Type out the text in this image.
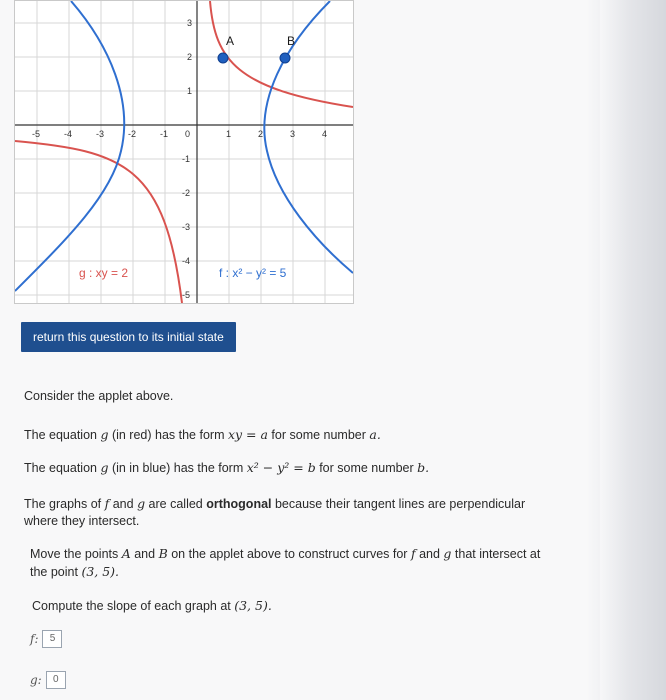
-5	-4	-3	-2	-1 0	1	2	3	4
3
2
1
-1
-2
-3
-4
-5
A	B
g : xy = 2	f : x² − y² = 5
return this question to its initial state
Consider the applet above.
The equation g (in red) has the form xy = a for some number a.
The equation g (in in blue) has the form x² − y² = b for some number b.
The graphs of f and g are called orthogonal because their tangent lines are perpendicular where they intersect.
Move the points A and B on the applet above to construct curves for f and g that intersect at the point (3, 5).
Compute the slope of each graph at (3, 5).
f:	5
g:	0
